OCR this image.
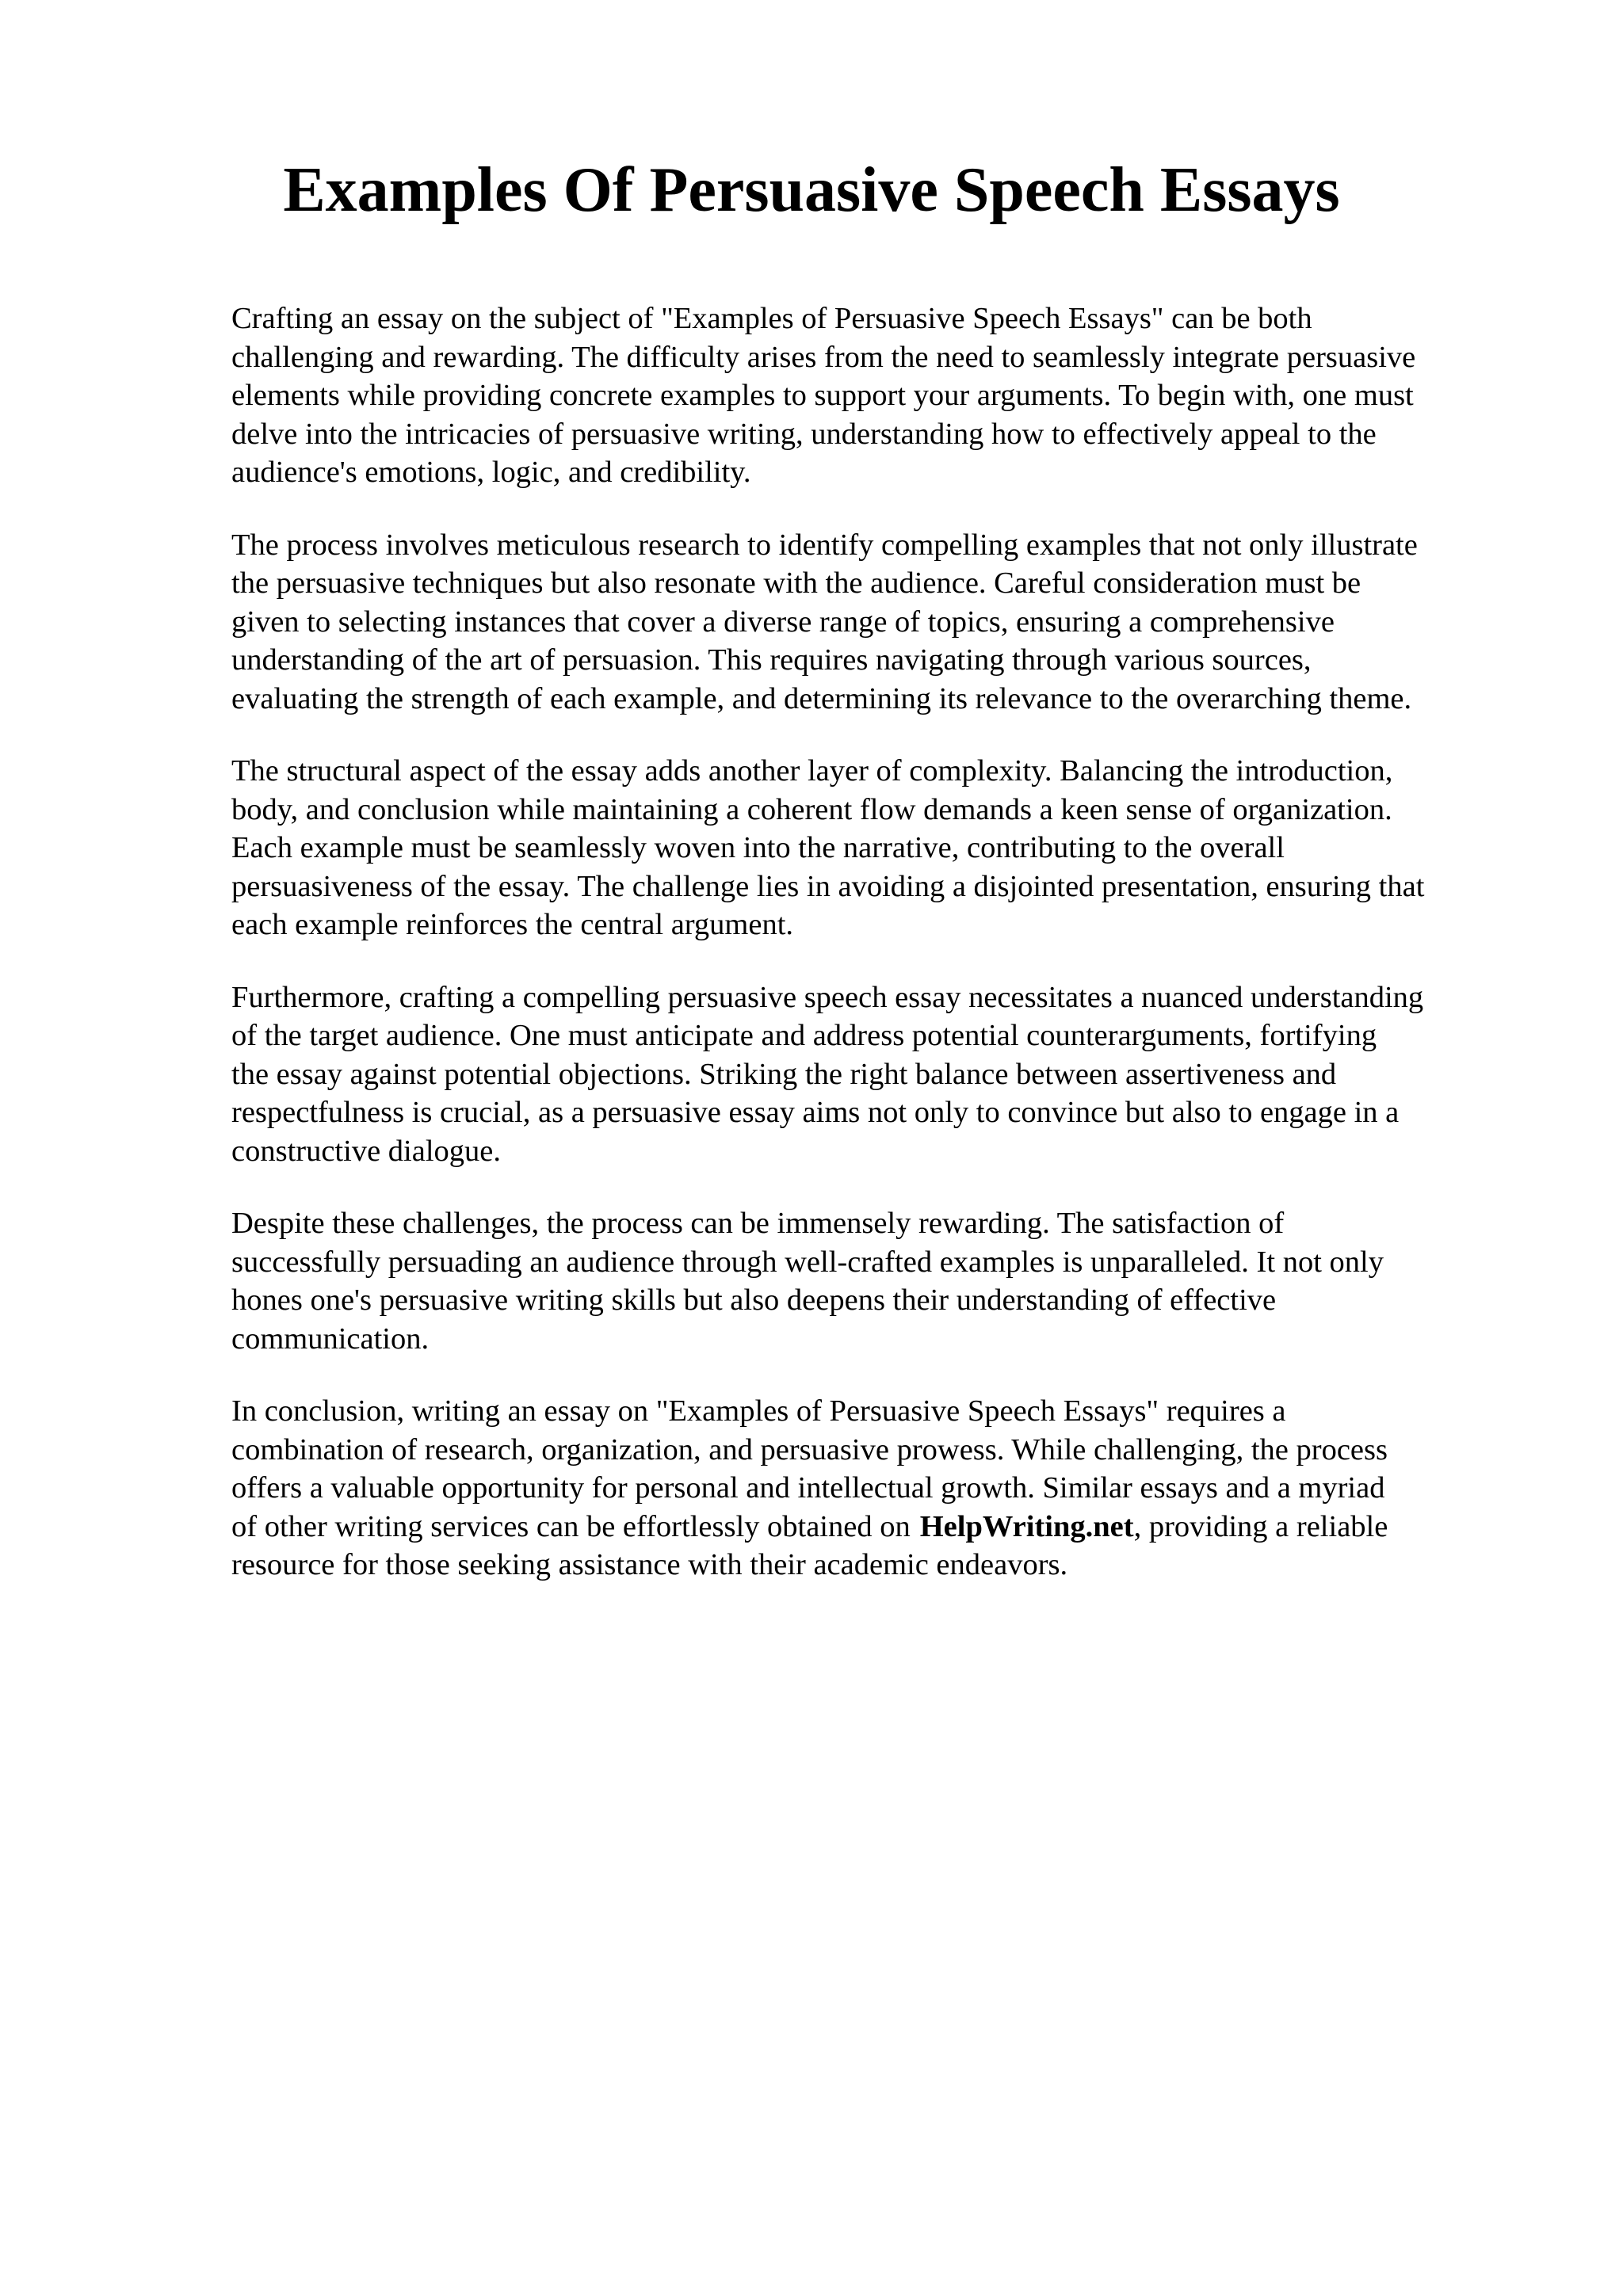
Examples Of Persuasive Speech Essays

Crafting an essay on the subject of "Examples of Persuasive Speech Essays" can be both
challenging and rewarding. The difficulty arises from the need to seamlessly integrate persuasive
elements while providing concrete examples to support your arguments. To begin with, one must
delve into the intricacies of persuasive writing, understanding how to effectively appeal to the
audience's emotions, logic, and credibility.

The process involves meticulous research to identify compelling examples that not only illustrate
the persuasive techniques but also resonate with the audience. Careful consideration must be
given to selecting instances that cover a diverse range of topics, ensuring a comprehensive
understanding of the art of persuasion. This requires navigating through various sources,
evaluating the strength of each example, and determining its relevance to the overarching theme.

The structural aspect of the essay adds another layer of complexity. Balancing the introduction,
body, and conclusion while maintaining a coherent flow demands a keen sense of organization.
Each example must be seamlessly woven into the narrative, contributing to the overall
persuasiveness of the essay. The challenge lies in avoiding a disjointed presentation, ensuring that
each example reinforces the central argument.

Furthermore, crafting a compelling persuasive speech essay necessitates a nuanced understanding
of the target audience. One must anticipate and address potential counterarguments, fortifying
the essay against potential objections. Striking the right balance between assertiveness and
respectfulness is crucial, as a persuasive essay aims not only to convince but also to engage in a
constructive dialogue.

Despite these challenges, the process can be immensely rewarding. The satisfaction of
successfully persuading an audience through well-crafted examples is unparalleled. It not only
hones one's persuasive writing skills but also deepens their understanding of effective
communication.

In conclusion, writing an essay on "Examples of Persuasive Speech Essays" requires a
combination of research, organization, and persuasive prowess. While challenging, the process
offers a valuable opportunity for personal and intellectual growth. Similar essays and a myriad
of other writing services can be effortlessly obtained on HelpWriting.net, providing a reliable
resource for those seeking assistance with their academic endeavors.
